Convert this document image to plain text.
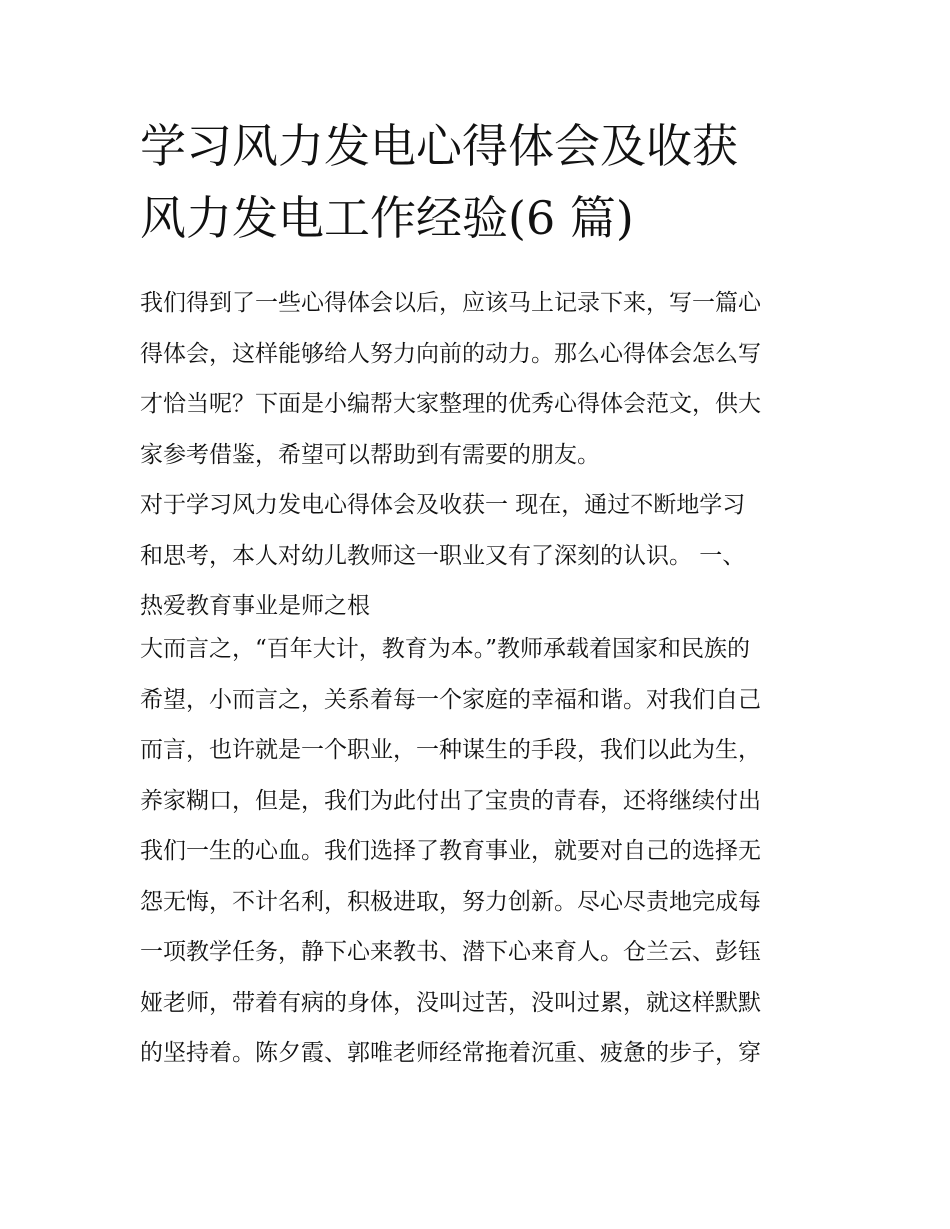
学习风力发电心得体会及收获
风力发电工作经验(6 篇)

我们得到了一些心得体会以后，应该马上记录下来，写一篇心
得体会，这样能够给人努力向前的动力。那么心得体会怎么写
才恰当呢？下面是小编帮大家整理的优秀心得体会范文，供大
家参考借鉴，希望可以帮助到有需要的朋友。

对于学习风力发电心得体会及收获一 现在，通过不断地学习
和思考，本人对幼儿教师这一职业又有了深刻的认识。 一、
热爱教育事业是师之根

大而言之，“百年大计，教育为本。”教师承载着国家和民族的
希望，小而言之，关系着每一个家庭的幸福和谐。对我们自己
而言，也许就是一个职业，一种谋生的手段，我们以此为生，
养家糊口，但是，我们为此付出了宝贵的青春，还将继续付出
我们一生的心血。我们选择了教育事业，就要对自己的选择无
怨无悔，不计名利，积极进取，努力创新。尽心尽责地完成每
一项教学任务，静下心来教书、潜下心来育人。仓兰云、彭钰
娅老师，带着有病的身体，没叫过苦，没叫过累，就这样默默
的坚持着。陈夕霞、郭唯老师经常拖着沉重、疲惫的步子，穿
